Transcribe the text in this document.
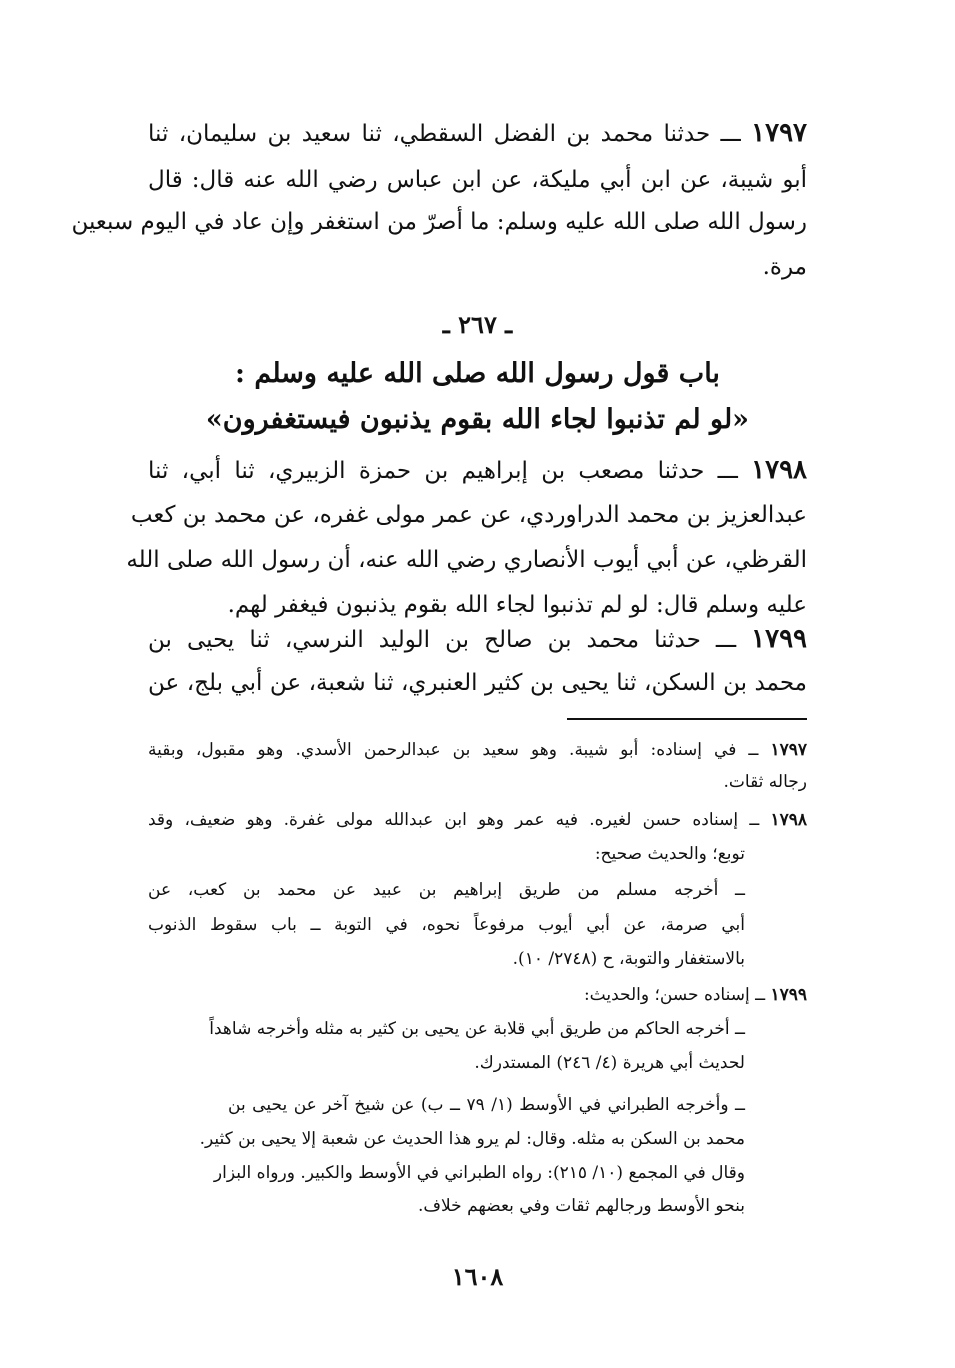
١٧٩٧ ـــ حدثنا محمد بن الفضل السقطي، ثنا سعيد بن سليمان، ثنا
أبو شيبة، عن ابن أبي مليكة، عن ابن عباس رضي الله عنه قال: قال
رسول الله صلى الله عليه وسلم: ما أصرّ من استغفر وإن عاد في اليوم سبعين
مرة.
ـ ٢٦٧ ـ
باب قول رسول الله صلى الله عليه وسلم :
«لو لم تذنبوا لجاء الله بقوم يذنبون فيستغفرون»
١٧٩٨ ـــ حدثنا مصعب بن إبراهيم بن حمزة الزبيري، ثنا أبي، ثنا
عبدالعزيز بن محمد الدراوردي، عن عمر مولى غفره، عن محمد بن كعب
القرظي، عن أبي أيوب الأنصاري رضي الله عنه، أن رسول الله صلى الله
عليه وسلم قال: لو لم تذنبوا لجاء الله بقوم يذنبون فيغفر لهم.
١٧٩٩ ـــ حدثنا محمد بن صالح بن الوليد النرسي، ثنا يحيى بن
محمد بن السكن، ثنا يحيى بن كثير العنبري، ثنا شعبة، عن أبي بلج، عن
١٧٩٧ ــ في إسناده: أبو شيبة. وهو سعيد بن عبدالرحمن الأسدي. وهو مقبول، وبقية
رجاله ثقات.
١٧٩٨ ــ إسناده حسن لغيره. فيه عمر وهو ابن عبدالله مولى غفرة. وهو ضعيف، وقد
توبع؛ والحديث صحيح:
ــ أخرجه مسلم من طريق إبراهيم بن عبيد عن محمد بن كعب، عن
أبي صرمة، عن أبي أيوب مرفوعاً نحوه، في التوبة ــ باب سقوط الذنوب
بالاستغفار والتوبة، ح (٢٧٤٨/ ١٠).
١٧٩٩ ــ إسناده حسن؛ والحديث:
ــ أخرجه الحاكم من طريق أبي قلابة عن يحيى بن كثير به مثله وأخرجه شاهداً
لحديث أبي هريرة (٤/ ٢٤٦) المستدرك.
ــ وأخرجه الطبراني في الأوسط (١/ ٧٩ ــ ب) عن شيخ آخر عن يحيى بن
محمد بن السكن به مثله. وقال: لم يرو هذا الحديث عن شعبة إلا يحيى بن كثير.
وقال في المجمع (١٠/ ٢١٥): رواه الطبراني في الأوسط والكبير. ورواه البزار
بنحو الأوسط ورجالهم ثقات وفي بعضهم خلاف.
١٦٠٨
